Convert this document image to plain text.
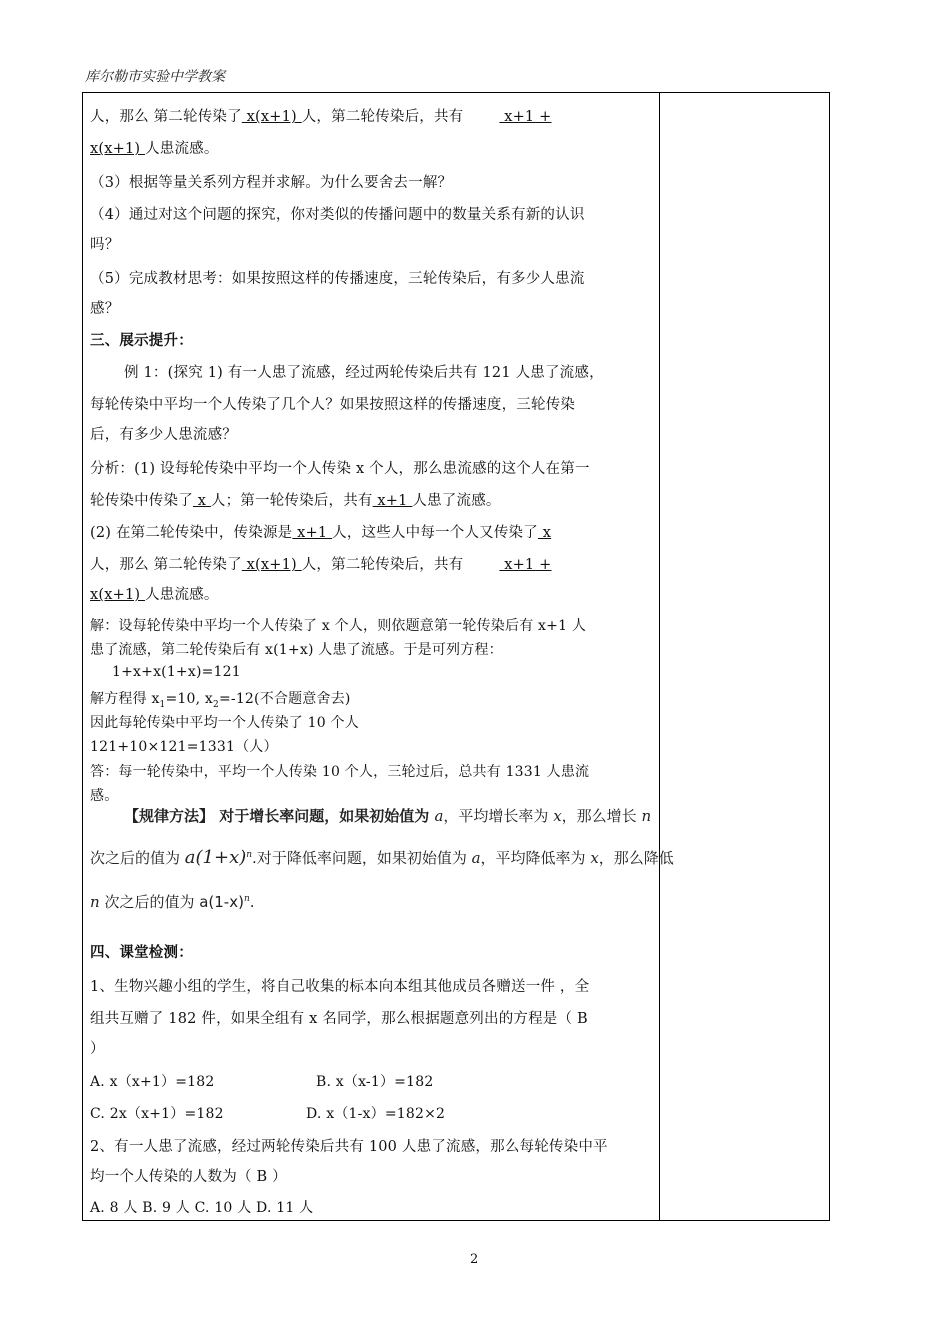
库尔勒市实验中学教案
人，那么 第二轮传染了 x(x+1) 人，第二轮传染后，共有 x+1 +
x(x+1) 人患流感。
（3）根据等量关系列方程并求解。为什么要舍去一解？
（4）通过对这个问题的探究，你对类似的传播问题中的数量关系有新的认识
吗？
（5）完成教材思考：如果按照这样的传播速度，三轮传染后，有多少人患流
感？
三、展示提升：
例 1：(探究 1) 有一人患了流感，经过两轮传染后共有 121 人患了流感，
每轮传染中平均一个人传染了几个人？如果按照这样的传播速度，三轮传染
后，有多少人患流感？
分析：(1) 设每轮传染中平均一个人传染 x 个人，那么患流感的这个人在第一
轮传染中传染了 x 人；第一轮传染后，共有 x+1 人患了流感。
(2) 在第二轮传染中，传染源是 x+1 人，这些人中每一个人又传染了 x
人，那么 第二轮传染了 x(x+1) 人，第二轮传染后，共有 x+1 +
x(x+1) 人患流感。
解：设每轮传染中平均一个人传染了 x 个人，则依题意第一轮传染后有 x+1 人
患了流感，第二轮传染后有 x(1+x) 人患了流感。于是可列方程：
1+x+x(1+x)=121
解方程得 $x_1=10$, $x_2=-12$(不合题意舍去)
因此每轮传染中平均一个人传染了 10 个人
121+10×121=1331（人）
答：每一轮传染中，平均一个人传染 10 个人，三轮过后，总共有 1331 人患流
感。
【规律方法】 对于增长率问题，如果初始值为 a，平均增长率为 x，那么增长 n
次之后的值为 $a(1+x)^n$.对于降低率问题，如果初始值为 a，平均降低率为 x，那么降低
n 次之后的值为 $a(1-x)^n$.
四、课堂检测：
1、生物兴趣小组的学生，将自己收集的标本向本组其他成员各赠送一件 ，全
组共互赠了 182 件，如果全组有 x 名同学，那么根据题意列出的方程是（ B
）
A. x（x+1）=182	B. x（x-1）=182
C. 2x（x+1）=182	D. x（1-x）=182×2
2、有一人患了流感，经过两轮传染后共有 100 人患了流感，那么每轮传染中平
均一个人传染的人数为（ B ）
A. 8 人 B. 9 人 C. 10 人 D. 11 人
2
